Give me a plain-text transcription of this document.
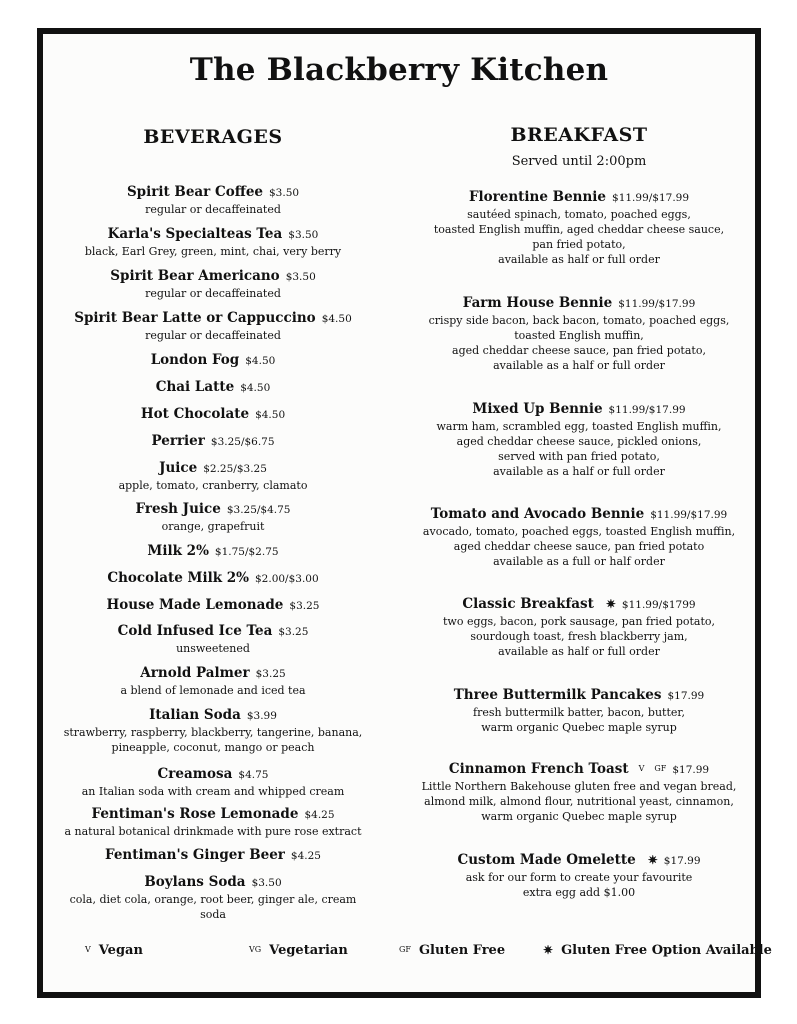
The Blackberry Kitchen
BEVERAGES
Spirit Bear Coffee $3.50
regular or decaffeinated
Karla's Specialteas Tea $3.50
black, Earl Grey, green, mint, chai, very berry
Spirit Bear Americano $3.50
regular or decaffeinated
Spirit Bear Latte or Cappuccino $4.50
regular or decaffeinated
London Fog $4.50
Chai Latte $4.50
Hot Chocolate $4.50
Perrier $3.25/$6.75
Juice $2.25/$3.25
apple, tomato, cranberry, clamato
Fresh Juice $3.25/$4.75
orange, grapefruit
Milk 2% $1.75/$2.75
Chocolate Milk 2% $2.00/$3.00
House Made Lemonade $3.25
Cold Infused Ice Tea $3.25
unsweetened
Arnold Palmer $3.25
a blend of lemonade and iced tea
Italian Soda $3.99
strawberry, raspberry, blackberry, tangerine, banana,
pineapple, coconut, mango or peach
Creamosa $4.75
an Italian soda with cream and whipped cream
Fentiman's Rose Lemonade $4.25
a natural botanical drinkmade with pure rose extract
Fentiman's Ginger Beer $4.25
Boylans Soda $3.50
cola, diet cola, orange, root beer, ginger ale, cream
soda
BREAKFAST
Served until 2:00pm
Florentine Bennie $11.99/$17.99
sautéed spinach, tomato, poached eggs,
toasted English muffin, aged cheddar cheese sauce,
pan fried potato,
available as half or full order
Farm House Bennie $11.99/$17.99
crispy side bacon, back bacon, tomato, poached eggs,
toasted English muffin,
aged cheddar cheese sauce, pan fried potato,
available as a half or full order
Mixed Up Bennie $11.99/$17.99
warm ham, scrambled egg, toasted English muffin,
aged cheddar cheese sauce, pickled onions,
served with pan fried potato,
available as a half or full order
Tomato and Avocado Bennie $11.99/$17.99
avocado, tomato, poached eggs, toasted English muffin,
aged cheddar cheese sauce, pan fried potato
available as a full or half order
Classic Breakfast ✷ $11.99/$1799
two eggs, bacon, pork sausage, pan fried potato,
sourdough toast, fresh blackberry jam,
available as half or full order
Three Buttermilk Pancakes $17.99
fresh buttermilk batter, bacon, butter,
warm organic Quebec maple syrup
Cinnamon French Toast V GF $17.99
Little Northern Bakehouse gluten free and vegan bread,
almond milk, almond flour, nutritional yeast, cinnamon,
warm organic Quebec maple syrup
Custom Made Omelette ✷ $17.99
ask for our form to create your favourite
extra egg add $1.00
V Vegan	VG Vegetarian	GF Gluten Free	✷ Gluten Free Option Available
